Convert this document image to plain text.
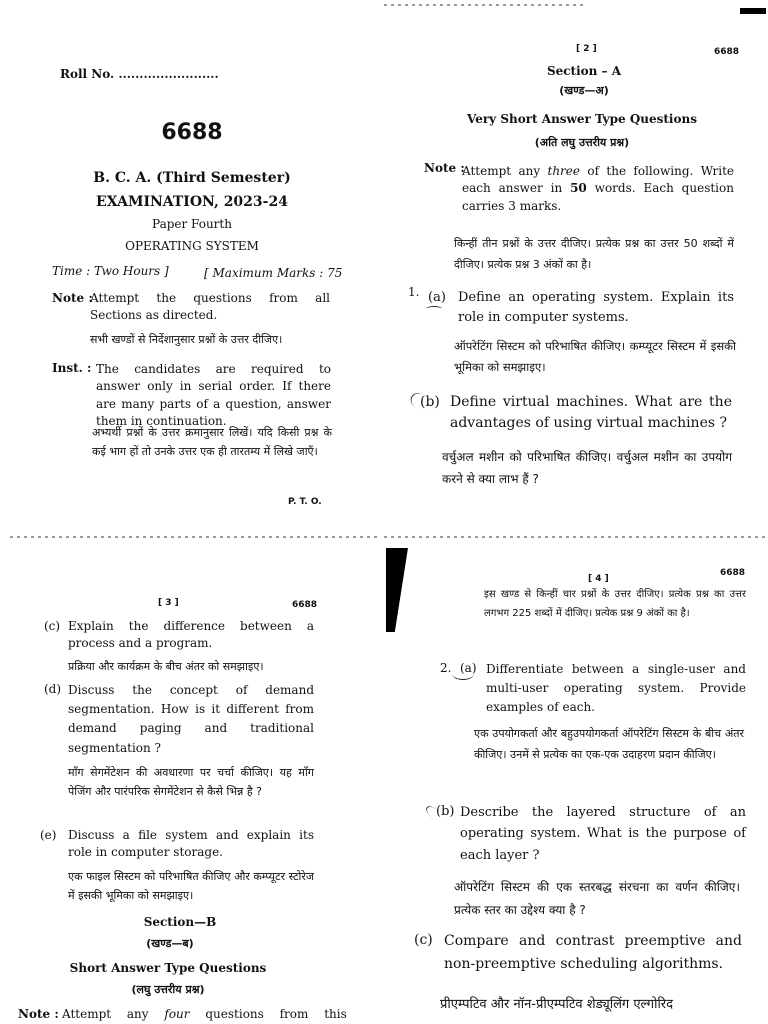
Roll No. ........................
6688
B. C. A. (Third Semester)
EXAMINATION, 2023-24
Paper Fourth
OPERATING SYSTEM
Time : Two Hours ]	[ Maximum Marks : 75
Note :
Attempt the questions from all Sections as directed.
सभी खण्डों से निर्देशानुसार प्रश्नों के उत्तर दीजिए।
Inst. : The candidates are required to answer only in serial order. If there are many parts of a question, answer them in continuation.
अभ्यर्थी प्रश्नों के उत्तर क्रमानुसार लिखें। यदि किसी प्रश्न के कई भाग हों तो उनके उत्तर एक ही तारतम्य में लिखे जाएँ।
P. T. O.
[ 2 ]	6688
Section – A
(खण्ड—अ)
Very Short Answer Type Questions
(अति लघु उत्तरीय प्रश्न)
Note :
Attempt any three of the following. Write each answer in 50 words. Each question carries 3 marks.
किन्हीं तीन प्रश्नों के उत्तर दीजिए। प्रत्येक प्रश्न का उत्तर 50 शब्दों में दीजिए। प्रत्येक प्रश्न 3 अंकों का है।
1. (a) Define an operating system. Explain its role in computer systems.
ऑपरेटिंग सिस्टम को परिभाषित कीजिए। कम्प्यूटर सिस्टम में इसकी भूमिका को समझाइए।
(b) Define virtual machines. What are the advantages of using virtual machines ?
वर्चुअल मशीन को परिभाषित कीजिए। वर्चुअल मशीन का उपयोग करने से क्या लाभ हैं ?
[ 3 ]	6688
(c) Explain the difference between a process and a program.
प्रक्रिया और कार्यक्रम के बीच अंतर को समझाइए।
(d) Discuss the concept of demand segmentation. How is it different from demand paging and traditional segmentation ?
माँग सेगमेंटेशन की अवधारणा पर चर्चा कीजिए। यह माँग पेजिंग और पारंपरिक सेगमेंटेशन से कैसे भिन्न है ?
(e) Discuss a file system and explain its role in computer storage.
एक फाइल सिस्टम को परिभाषित कीजिए और कम्प्यूटर स्टोरेज में इसकी भूमिका को समझाइए।
Section—B
(खण्ड—ब)
Short Answer Type Questions
(लघु उत्तरीय प्रश्न)
Note : Attempt any four questions from this
[ 4 ]
6688
इस खण्ड से किन्हीं चार प्रश्नों के उत्तर दीजिए। प्रत्येक प्रश्न का उत्तर लगभग 225 शब्दों में दीजिए। प्रत्येक प्रश्न 9 अंकों का है।
2. (a) Differentiate between a single-user and multi-user operating system. Provide examples of each.
एक उपयोगकर्ता और बहुउपयोगकर्ता ऑपरेटिंग सिस्टम के बीच अंतर कीजिए। उनमें से प्रत्येक का एक-एक उदाहरण प्रदान कीजिए।
(b) Describe the layered structure of an operating system. What is the purpose of each layer ?
ऑपरेटिंग सिस्टम की एक स्तरबद्ध संरचना का वर्णन कीजिए। प्रत्येक स्तर का उद्देश्य क्या है ?
(c) Compare and contrast preemptive and non-preemptive scheduling algorithms.
प्रीएम्पटिव और नॉन-प्रीएम्पटिव शेड्यूलिंग एल्गोरिद
